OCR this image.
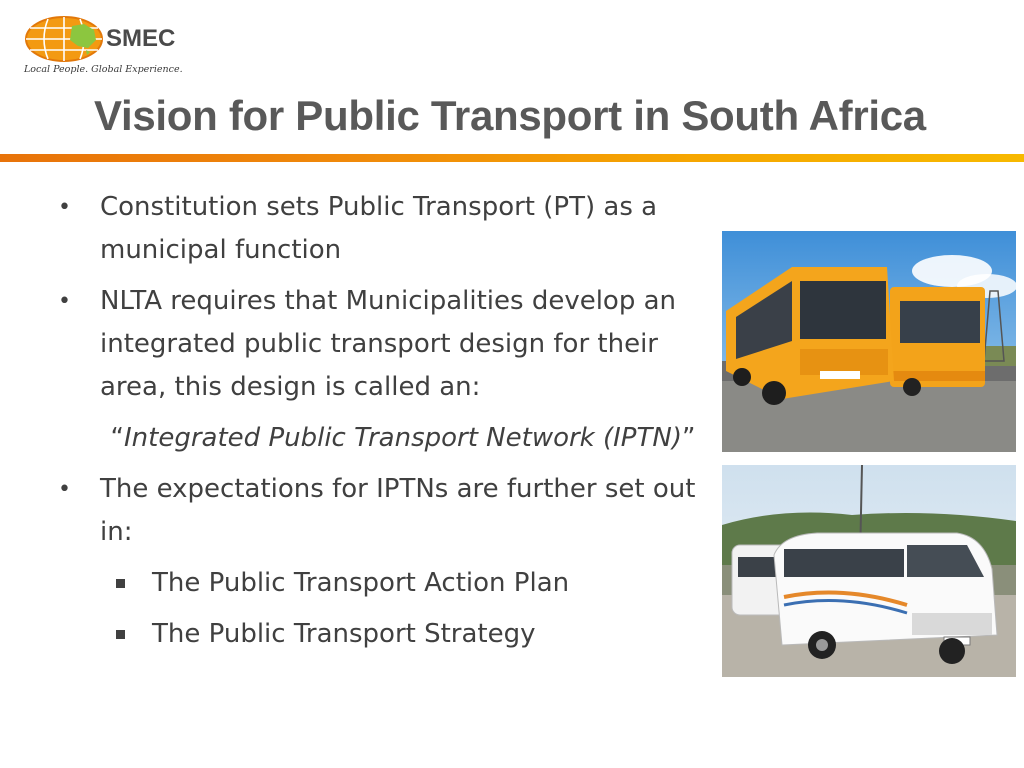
SMEC
Local People. Global Experience.
Vision for Public Transport in South Africa
• Constitution sets Public Transport (PT) as a municipal function
• NLTA requires that Municipalities develop an integrated public transport design for their area, this design is called an:
“Integrated Public Transport Network (IPTN)”
• The expectations for IPTNs are further set out in:
The Public Transport Action Plan
The Public Transport Strategy
